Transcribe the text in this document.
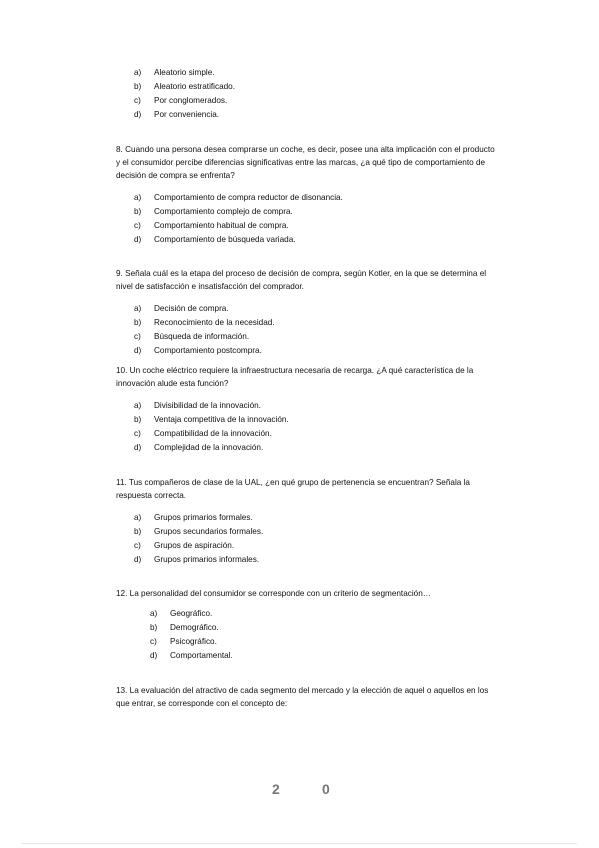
a) Aleatorio simple.
b) Aleatorio estratificado.
c) Por conglomerados.
d) Por conveniencia.
8. Cuando una persona desea comprarse un coche, es decir, posee una alta implicación con el producto y el consumidor percibe diferencias significativas entre las marcas, ¿a qué tipo de comportamiento de decisión de compra se enfrenta?
a) Comportamiento de compra reductor de disonancia.
b) Comportamiento complejo de compra.
c) Comportamiento habitual de compra.
d) Comportamiento de búsqueda variada.
9. Señala cuál es la etapa del proceso de decisión de compra, según Kotler, en la que se determina el nivel de satisfacción e insatisfacción del comprador.
a) Decisión de compra.
b) Reconocimiento de la necesidad.
c) Búsqueda de información.
d) Comportamiento postcompra.
10. Un coche eléctrico requiere la infraestructura necesaria de recarga. ¿A qué característica de la innovación alude esta función?
a) Divisibilidad de la innovación.
b) Ventaja competitiva de la innovación.
c) Compatibilidad de la innovación.
d) Complejidad de la innovación.
11. Tus compañeros de clase de la UAL, ¿en qué grupo de pertenencia se encuentran? Señala la respuesta correcta.
a) Grupos primarios formales.
b) Grupos secundarios formales.
c) Grupos de aspiración.
d) Grupos primarios informales.
12. La personalidad del consumidor se corresponde con un criterio de segmentación…
a) Geográfico.
b) Demográfico.
c) Psicográfico.
d) Comportamental.
13. La evaluación del atractivo de cada segmento del mercado y la elección de aquel o aquellos en los que entrar, se corresponde con el concepto de:
2	0
